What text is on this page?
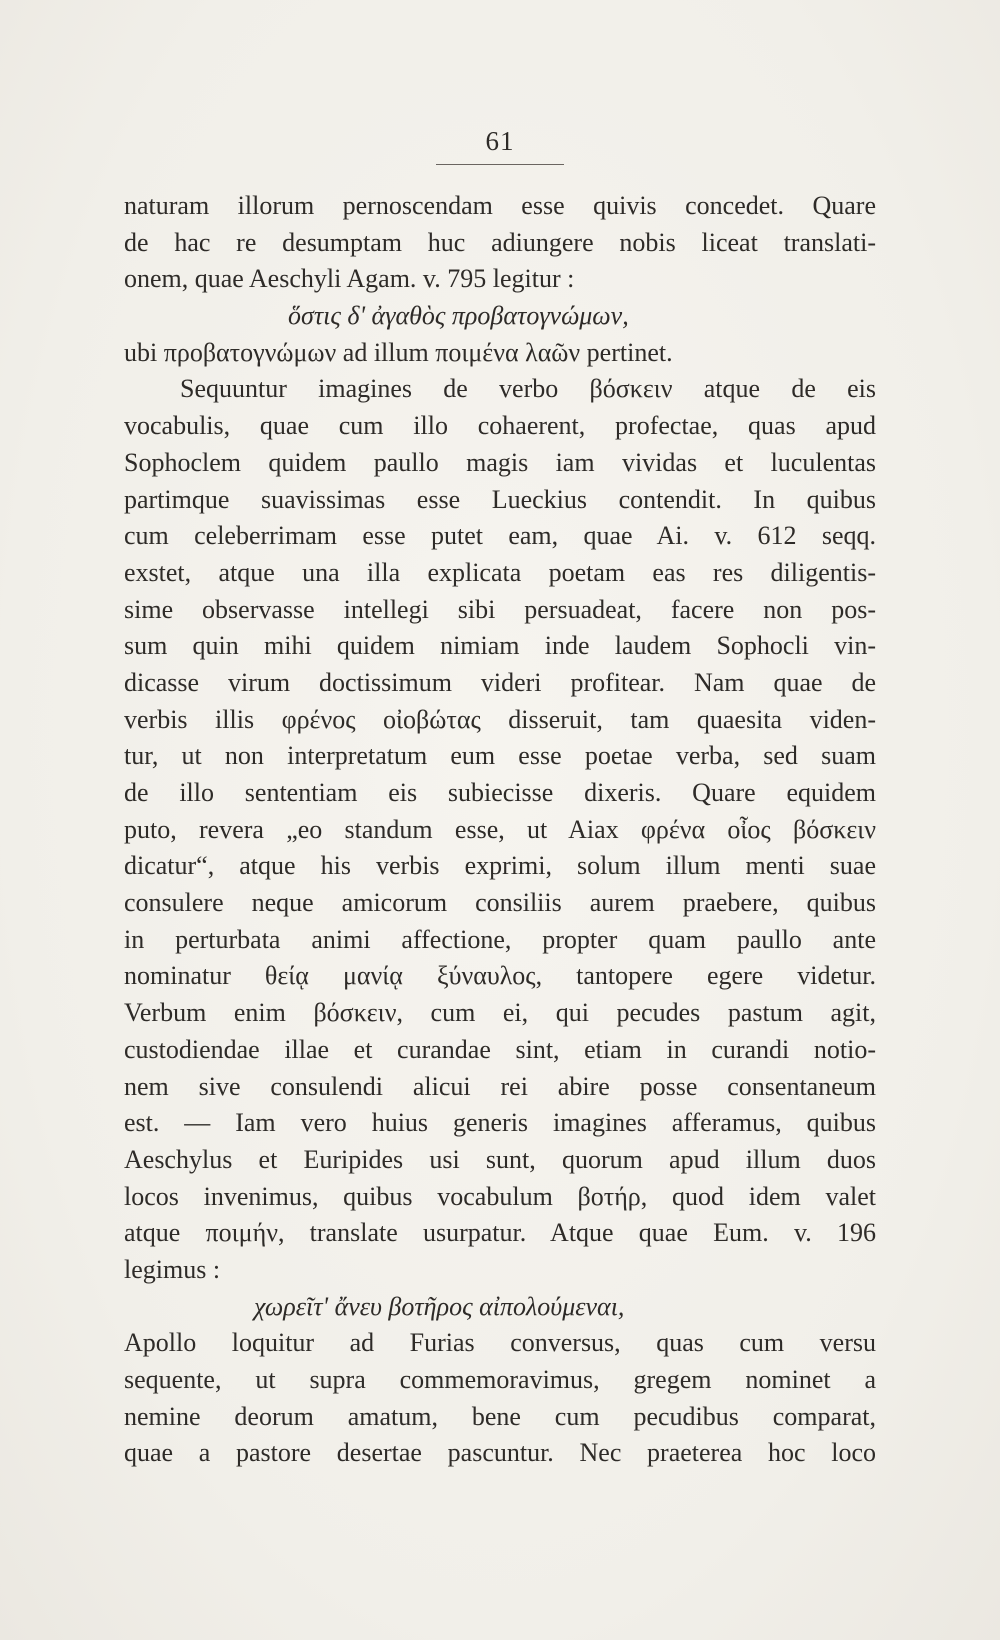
61
naturam illorum pernoscendam esse quivis concedet. Quare
de hac re desumptam huc adiungere nobis liceat translati-
onem, quae Aeschyli Agam. v. 795 legitur :
ὅστις δ' ἀγαθὸς προβατογνώμων,
ubi προβατογνώμων ad illum ποιμένα λαῶν pertinet.
Sequuntur imagines de verbo βόσκειν atque de eis
vocabulis, quae cum illo cohaerent, profectae, quas apud
Sophoclem quidem paullo magis iam vividas et luculentas
partimque suavissimas esse Lueckius contendit. In quibus
cum celeberrimam esse putet eam, quae Ai. v. 612 seqq.
exstet, atque una illa explicata poetam eas res diligentis-
sime observasse intellegi sibi persuadeat, facere non pos-
sum quin mihi quidem nimiam inde laudem Sophocli vin-
dicasse virum doctissimum videri profitear. Nam quae de
verbis illis φρένος οἰοβώτας disseruit, tam quaesita viden-
tur, ut non interpretatum eum esse poetae verba, sed suam
de illo sententiam eis subiecisse dixeris. Quare equidem
puto, revera „eo standum esse, ut Aiax φρένα οἶος βόσκειν
dicatur“, atque his verbis exprimi, solum illum menti suae
consulere neque amicorum consiliis aurem praebere, quibus
in perturbata animi affectione, propter quam paullo ante
nominatur θείᾳ μανίᾳ ξύναυλος, tantopere egere videtur.
Verbum enim βόσκειν, cum ei, qui pecudes pastum agit,
custodiendae illae et curandae sint, etiam in curandi notio-
nem sive consulendi alicui rei abire posse consentaneum
est. — Iam vero huius generis imagines afferamus, quibus
Aeschylus et Euripides usi sunt, quorum apud illum duos
locos invenimus, quibus vocabulum βοτήρ, quod idem valet
atque ποιμήν, translate usurpatur. Atque quae Eum. v. 196
legimus :
χωρεῖτ' ἄνευ βοτῆρος αἰπολούμεναι,
Apollo loquitur ad Furias conversus, quas cum versu
sequente, ut supra commemoravimus, gregem nominet a
nemine deorum amatum, bene cum pecudibus comparat,
quae a pastore desertae pascuntur. Nec praeterea hoc loco
